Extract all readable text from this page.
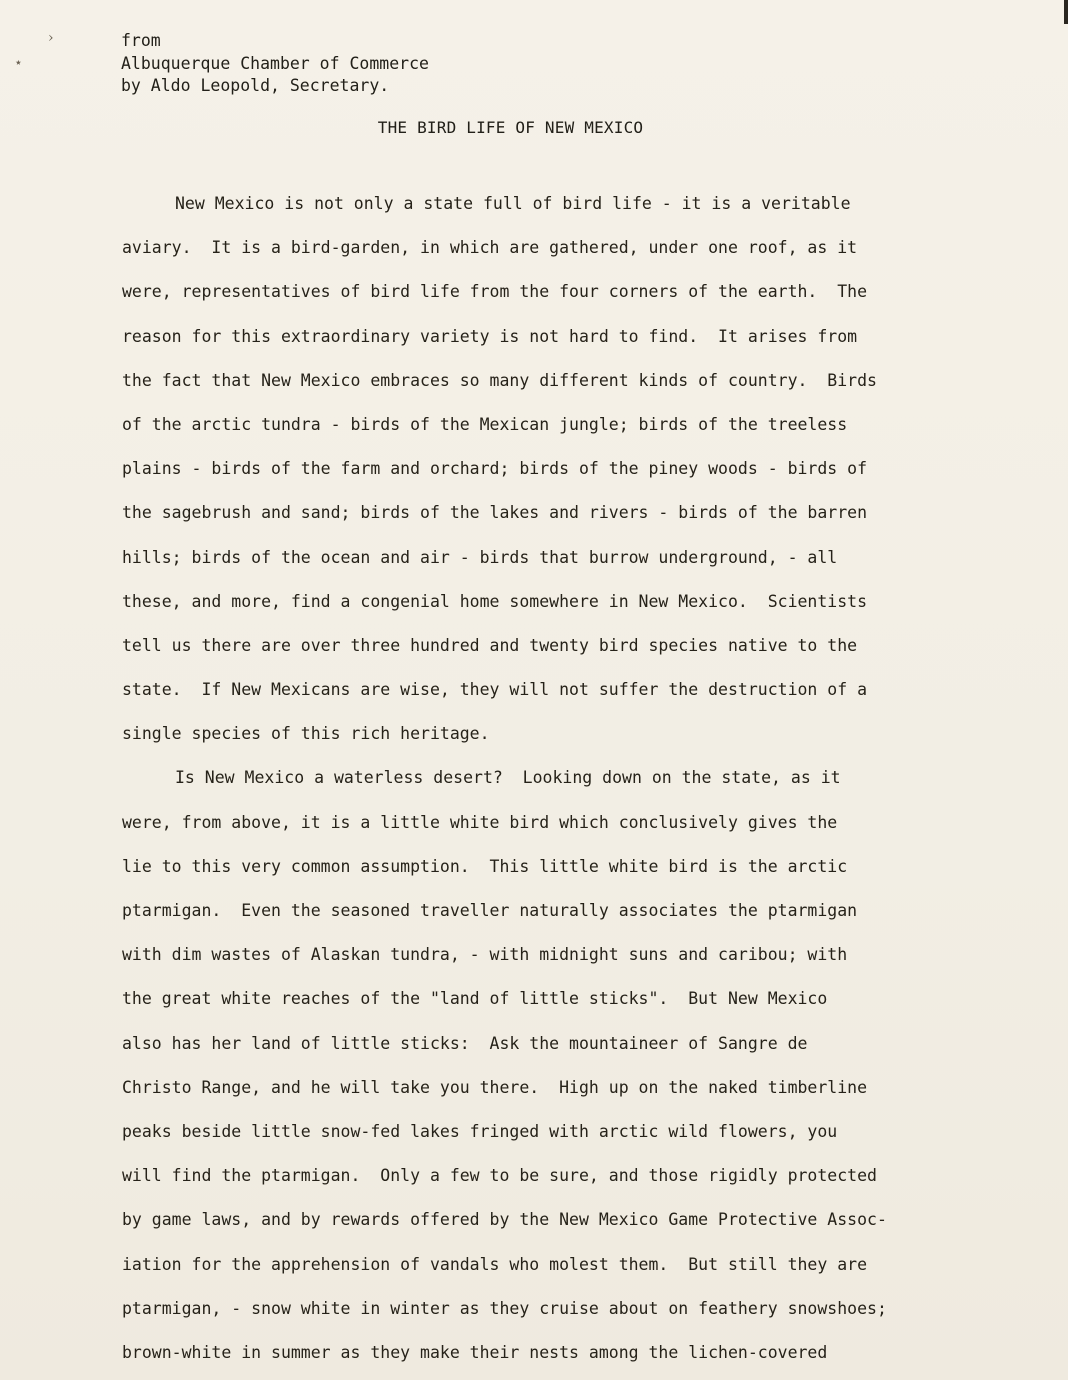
›
⋆
from
Albuquerque Chamber of Commerce
by Aldo Leopold, Secretary.
THE BIRD LIFE OF NEW MEXICO
New Mexico is not only a state full of bird life - it is a veritable
aviary.  It is a bird-garden, in which are gathered, under one roof, as it
were, representatives of bird life from the four corners of the earth.  The
reason for this extraordinary variety is not hard to find.  It arises from
the fact that New Mexico embraces so many different kinds of country.  Birds
of the arctic tundra - birds of the Mexican jungle; birds of the treeless
plains - birds of the farm and orchard; birds of the piney woods - birds of
the sagebrush and sand; birds of the lakes and rivers - birds of the barren
hills; birds of the ocean and air - birds that burrow underground, - all
these, and more, find a congenial home somewhere in New Mexico.  Scientists
tell us there are over three hundred and twenty bird species native to the
state.  If New Mexicans are wise, they will not suffer the destruction of a
single species of this rich heritage.
Is New Mexico a waterless desert?  Looking down on the state, as it
were, from above, it is a little white bird which conclusively gives the
lie to this very common assumption.  This little white bird is the arctic
ptarmigan.  Even the seasoned traveller naturally associates the ptarmigan
with dim wastes of Alaskan tundra, - with midnight suns and caribou; with
the great white reaches of the "land of little sticks".  But New Mexico
also has her land of little sticks:  Ask the mountaineer of Sangre de
Christo Range, and he will take you there.  High up on the naked timberline
peaks beside little snow-fed lakes fringed with arctic wild flowers, you
will find the ptarmigan.  Only a few to be sure, and those rigidly protected
by game laws, and by rewards offered by the New Mexico Game Protective Assoc-
iation for the apprehension of vandals who molest them.  But still they are
ptarmigan, - snow white in winter as they cruise about on feathery snowshoes;
brown-white in summer as they make their nests among the lichen-covered
